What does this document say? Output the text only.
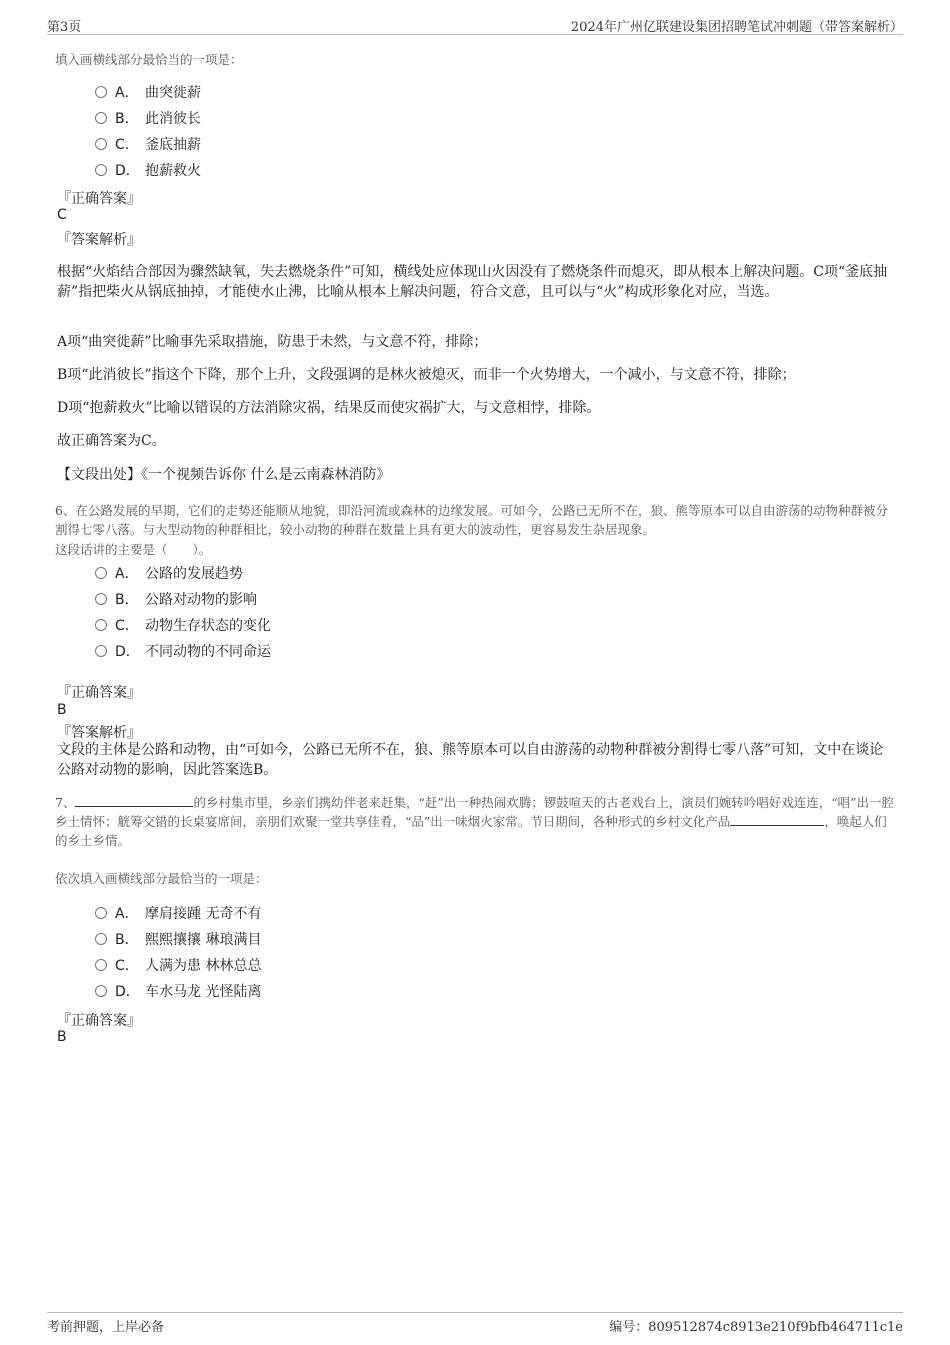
第3页	2024年广州亿联建设集团招聘笔试冲刺题（带答案解析）
填入画横线部分最恰当的一项是：
A． 曲突徙薪
B． 此消彼长
C． 釜底抽薪
D． 抱薪救火
『正确答案』
C
『答案解析』
根据“火焰结合部因为骤然缺氧，失去燃烧条件”可知，横线处应体现山火因没有了燃烧条件而熄灭，即从根本上解决问题。C项“釜底抽薪”指把柴火从锅底抽掉，才能使水止沸，比喻从根本上解决问题，符合文意，且可以与“火”构成形象化对应，当选。
A项“曲突徙薪”比喻事先采取措施，防患于未然，与文意不符，排除；
B项“此消彼长”指这个下降，那个上升，文段强调的是林火被熄灭，而非一个火势增大，一个减小，与文意不符，排除；
D项“抱薪救火”比喻以错误的方法消除灾祸，结果反而使灾祸扩大，与文意相悖，排除。
故正确答案为C。
【文段出处】《一个视频告诉你 什么是云南森林消防》
6、在公路发展的早期，它们的走势还能顺从地貌，即沿河流或森林的边缘发展。可如今，公路已无所不在，狼、熊等原本可以自由游荡的动物种群被分割得七零八落。与大型动物的种群相比，较小动物的种群在数量上具有更大的波动性，更容易发生杂居现象。
这段话讲的主要是（　　）。
A． 公路的发展趋势
B． 公路对动物的影响
C． 动物生存状态的变化
D． 不同动物的不同命运
『正确答案』
B
『答案解析』
文段的主体是公路和动物，由“可如今，公路已无所不在，狼、熊等原本可以自由游荡的动物种群被分割得七零八落”可知，文中在谈论公路对动物的影响，因此答案选B。
7、	的乡村集市里，乡亲们携幼伴老来赶集，“赶”出一种热闹欢腾；锣鼓喧天的古老戏台上，演员们婉转吟唱好戏连连，“唱”出一腔乡土情怀；觥筹交错的长桌宴席间，亲朋们欢聚一堂共享佳肴，“品”出一味烟火家常。节日期间，各种形式的乡村文化产品	，唤起人们的乡土乡情。
依次填入画横线部分最恰当的一项是：
A． 摩肩接踵 无奇不有
B． 熙熙攘攘 琳琅满目
C． 人满为患 林林总总
D． 车水马龙 光怪陆离
『正确答案』
B
考前押题，上岸必备	编号：809512874c8913e210f9bfb464711c1e
